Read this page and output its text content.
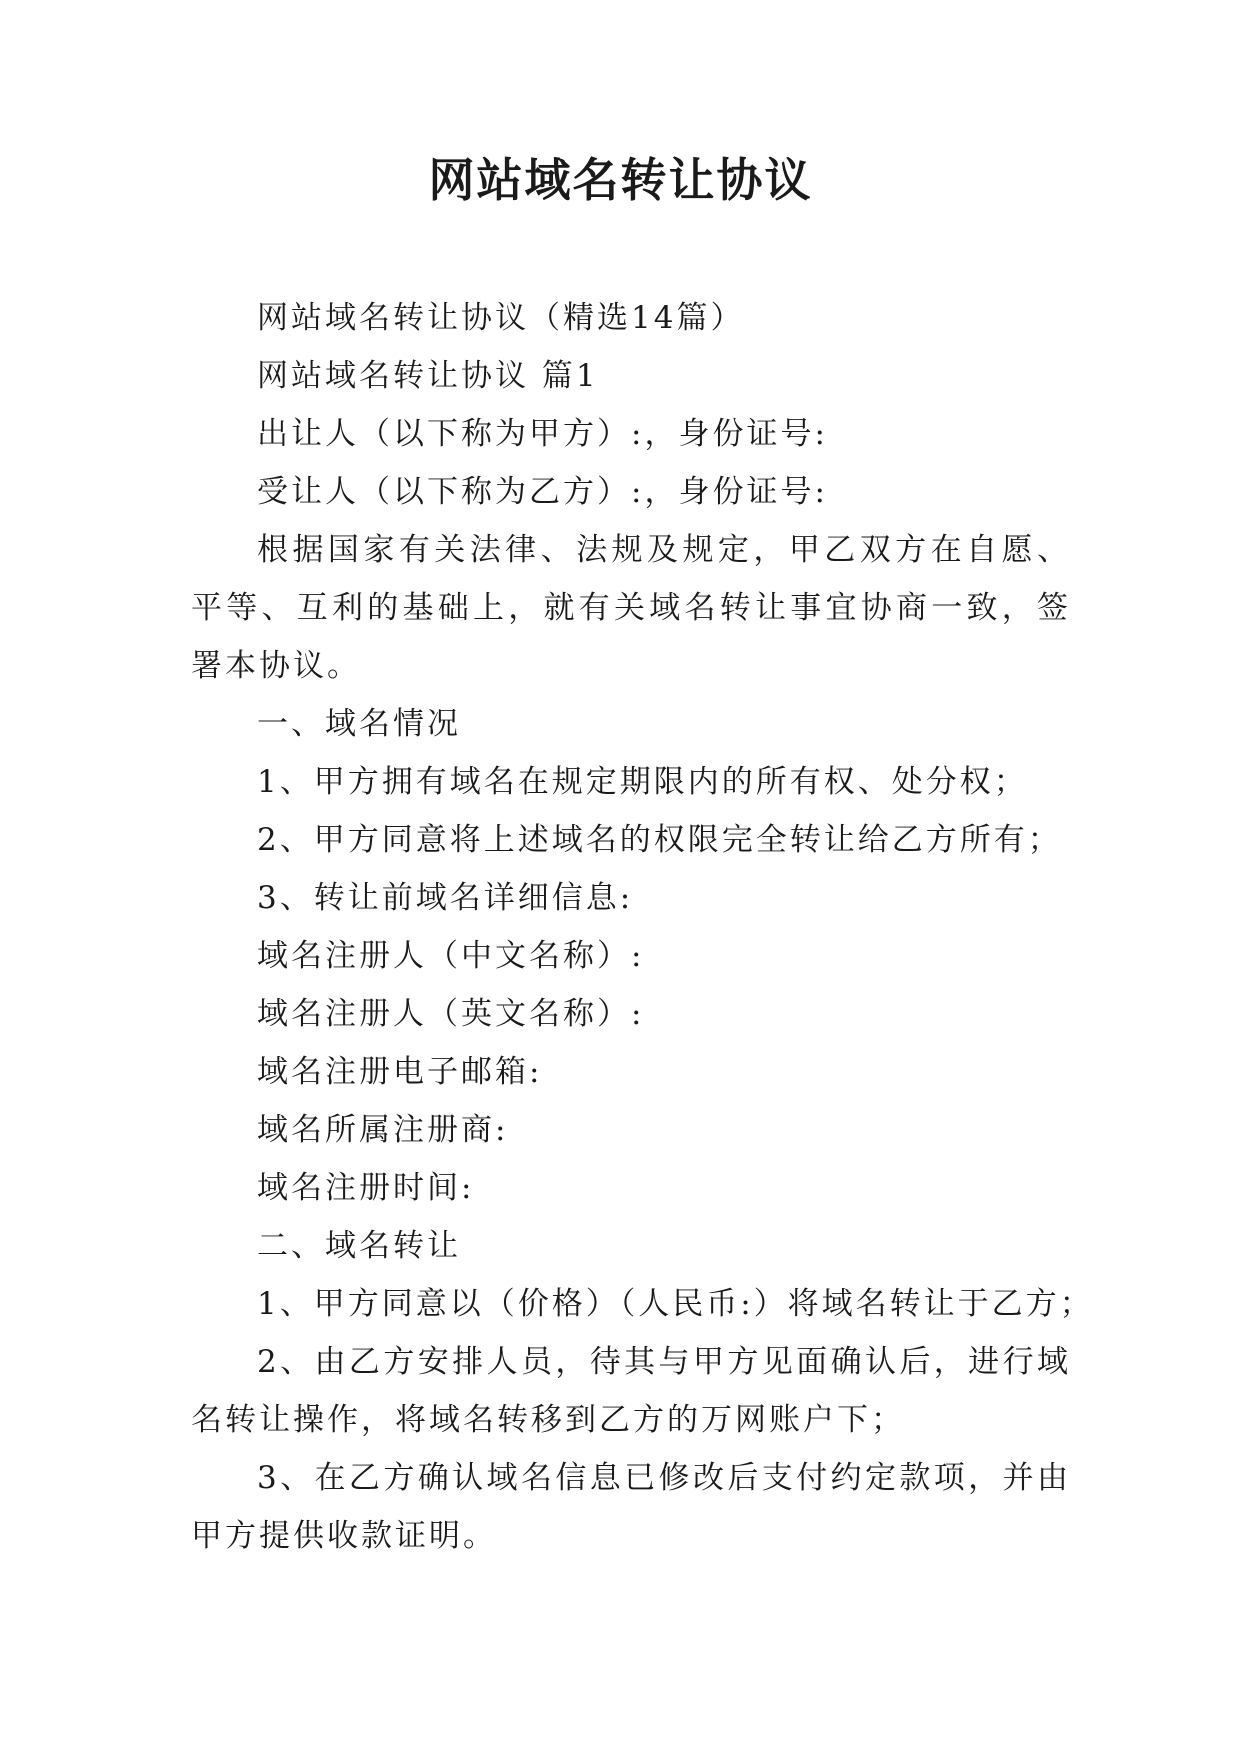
网站域名转让协议

网站域名转让协议（精选14篇）

网站域名转让协议 篇1

出让人（以下称为甲方）:，身份证号:

受让人（以下称为乙方）:，身份证号:

根据国家有关法律、法规及规定，甲乙双方在自愿、平等、互利的基础上，就有关域名转让事宜协商一致，签署本协议。

一、域名情况

1、甲方拥有域名在规定期限内的所有权、处分权；

2、甲方同意将上述域名的权限完全转让给乙方所有；

3、转让前域名详细信息:

域名注册人（中文名称）:

域名注册人（英文名称）:

域名注册电子邮箱:

域名所属注册商:

域名注册时间:

二、域名转让

1、甲方同意以（价格）（人民币:）将域名转让于乙方；

2、由乙方安排人员，待其与甲方见面确认后，进行域名转让操作，将域名转移到乙方的万网账户下；

3、在乙方确认域名信息已修改后支付约定款项，并由甲方提供收款证明。
